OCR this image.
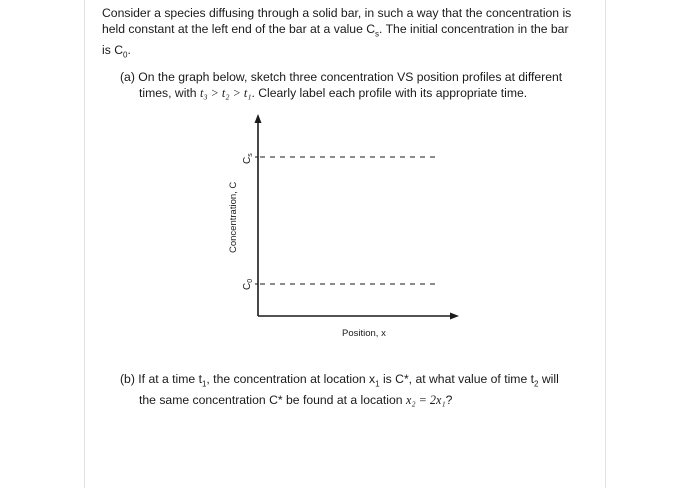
Consider a species diffusing through a solid bar, in such a way that the concentration is
held constant at the left end of the bar at a value $C_s$. The initial concentration in the bar
is $C_0$.

(a) On the graph below, sketch three concentration VS position profiles at different
times, with t₃ > t₂ > t₁. Clearly label each profile with its appropriate time.

$C_s$
$C_0$
Concentration, C
Position, x

(b) If at a time $t_1$, the concentration at location $x_1$ is C*, at what value of time $t_2$ will
the same concentration C* be found at a location x₂ = 2x₁?
